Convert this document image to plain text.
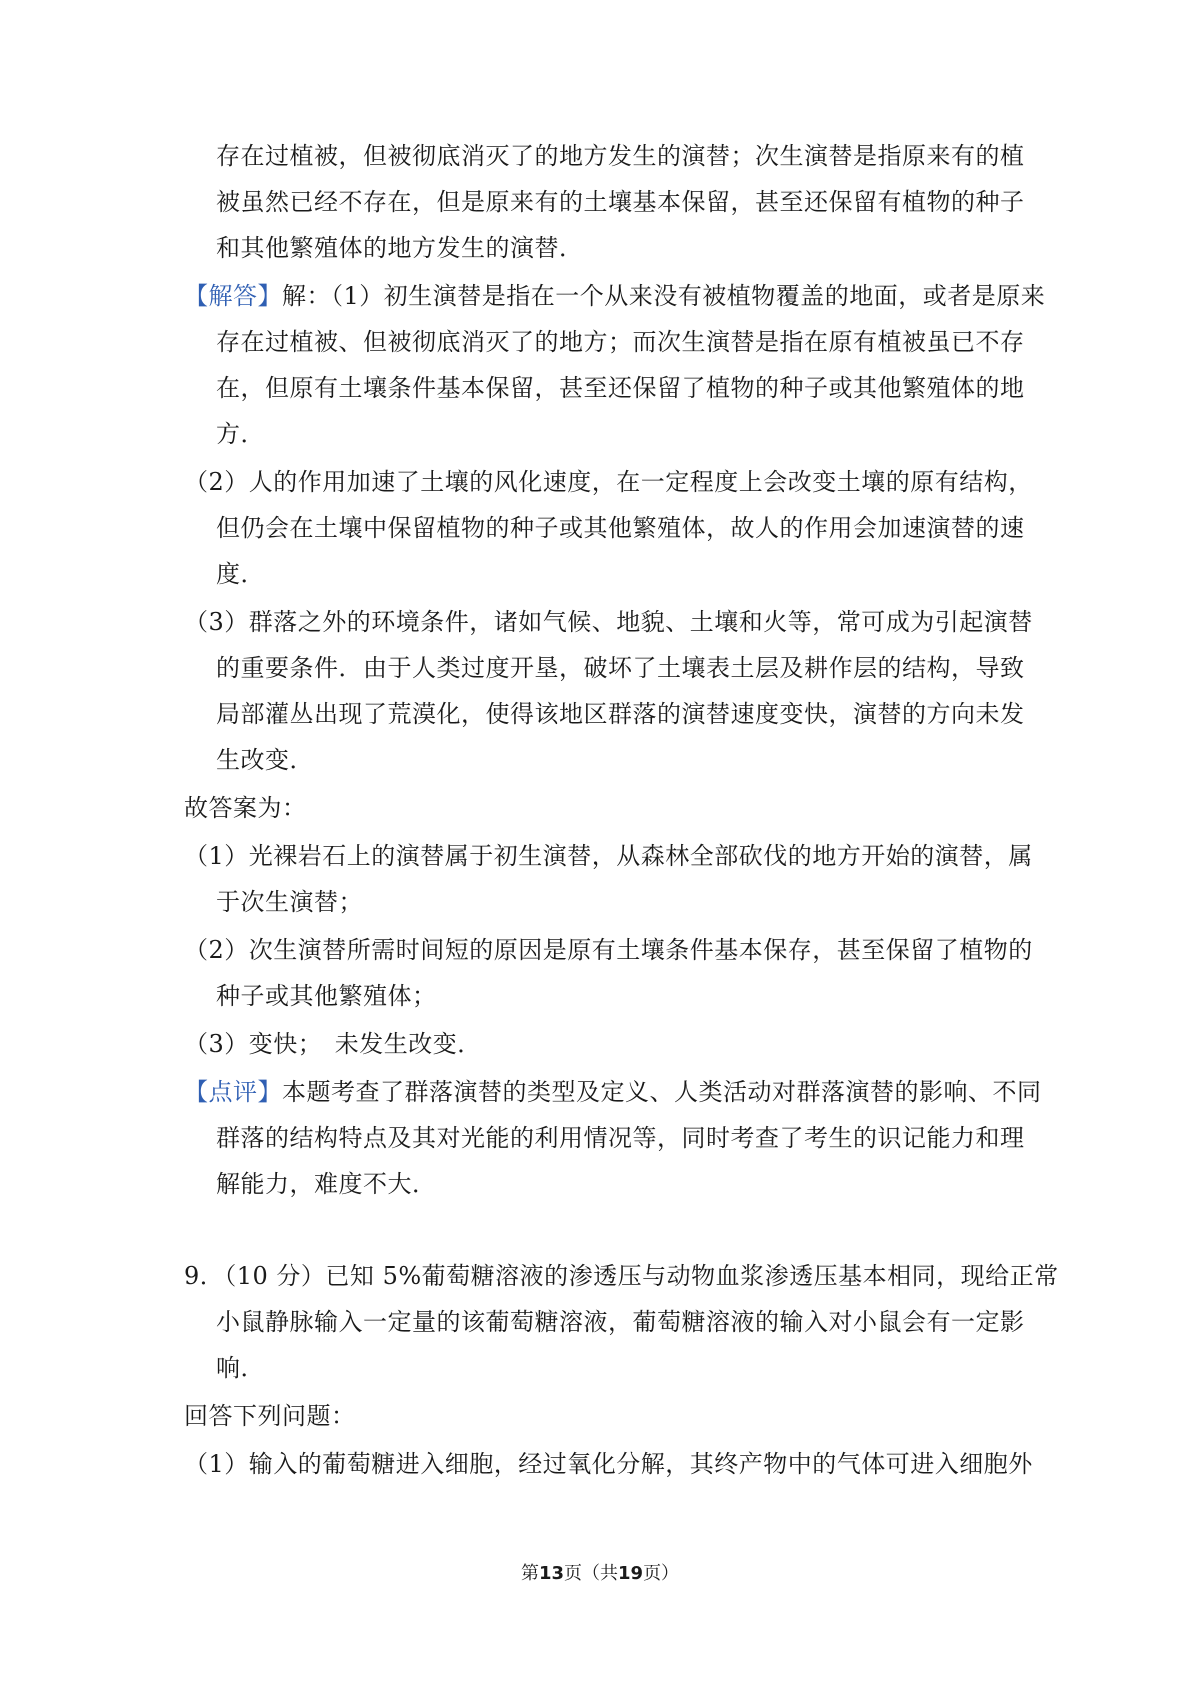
存在过植被，但被彻底消灭了的地方发生的演替；次生演替是指原来有的植
被虽然已经不存在，但是原来有的土壤基本保留，甚至还保留有植物的种子
和其他繁殖体的地方发生的演替．
【解答】解：（1）初生演替是指在一个从来没有被植物覆盖的地面，或者是原来
存在过植被、但被彻底消灭了的地方；而次生演替是指在原有植被虽已不存
在，但原有土壤条件基本保留，甚至还保留了植物的种子或其他繁殖体的地
方．
（2）人的作用加速了土壤的风化速度，在一定程度上会改变土壤的原有结构，
但仍会在土壤中保留植物的种子或其他繁殖体，故人的作用会加速演替的速
度．
（3）群落之外的环境条件，诸如气候、地貌、土壤和火等，常可成为引起演替
的重要条件．由于人类过度开垦，破坏了土壤表土层及耕作层的结构，导致
局部灌丛出现了荒漠化，使得该地区群落的演替速度变快，演替的方向未发
生改变．
故答案为：
（1）光裸岩石上的演替属于初生演替，从森林全部砍伐的地方开始的演替，属
于次生演替；
（2）次生演替所需时间短的原因是原有土壤条件基本保存，甚至保留了植物的
种子或其他繁殖体；
（3）变快；　未发生改变．
【点评】本题考查了群落演替的类型及定义、人类活动对群落演替的影响、不同
群落的结构特点及其对光能的利用情况等，同时考查了考生的识记能力和理
解能力，难度不大．
9．（10 分）已知 5%葡萄糖溶液的渗透压与动物血浆渗透压基本相同，现给正常
小鼠静脉输入一定量的该葡萄糖溶液，葡萄糖溶液的输入对小鼠会有一定影
响．
回答下列问题：
（1）输入的葡萄糖进入细胞，经过氧化分解，其终产物中的气体可进入细胞外
第13页（共19页）
